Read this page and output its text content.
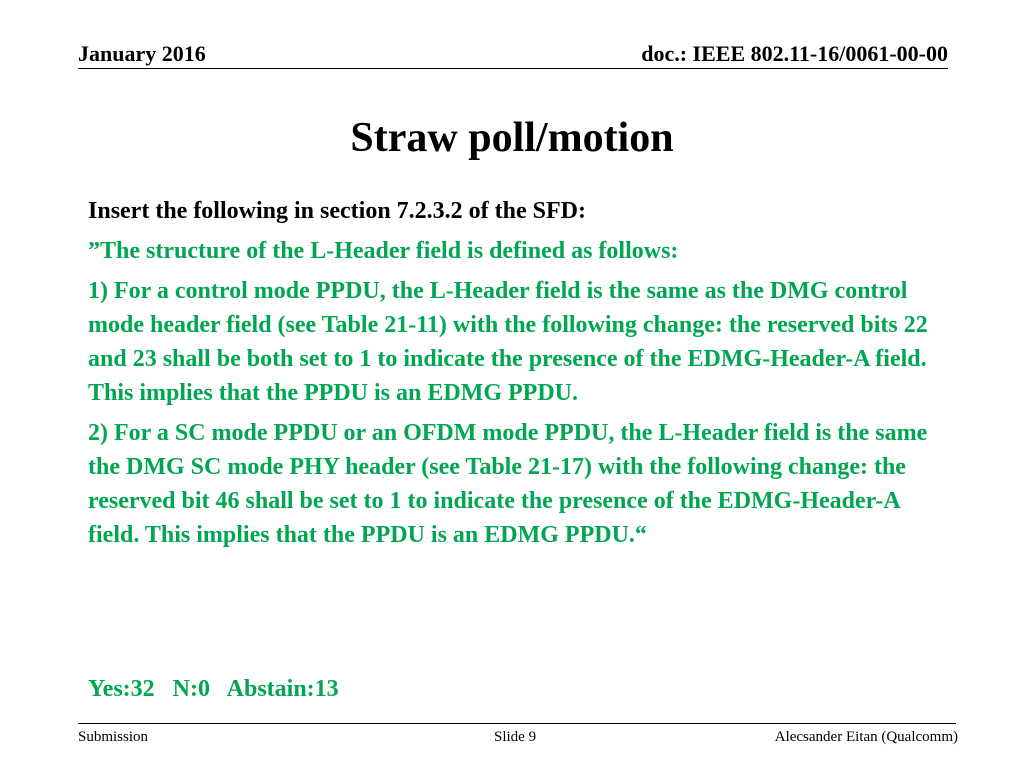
January 2016	doc.: IEEE 802.11-16/0061-00-00
Straw poll/motion

Insert the following in section 7.2.3.2 of the SFD:

”The structure of the L-Header field is defined as follows:

1) For a control mode PPDU, the L-Header field is the same as the DMG control mode header field (see Table 21-11) with the following change: the reserved bits 22 and 23 shall be both set to 1 to indicate the presence of the EDMG-Header-A field. This implies that the PPDU is an EDMG PPDU.

2) For a SC mode PPDU or an OFDM mode PPDU, the L-Header field is the same the DMG SC mode PHY header (see Table 21-17) with the following change: the reserved bit 46 shall be set to 1 to indicate the presence of the EDMG-Header-A field. This implies that the PPDU is an EDMG PPDU.“

Yes:32   N:0   Abstain:13
Submission	Slide 9	Alecsander Eitan (Qualcomm)
